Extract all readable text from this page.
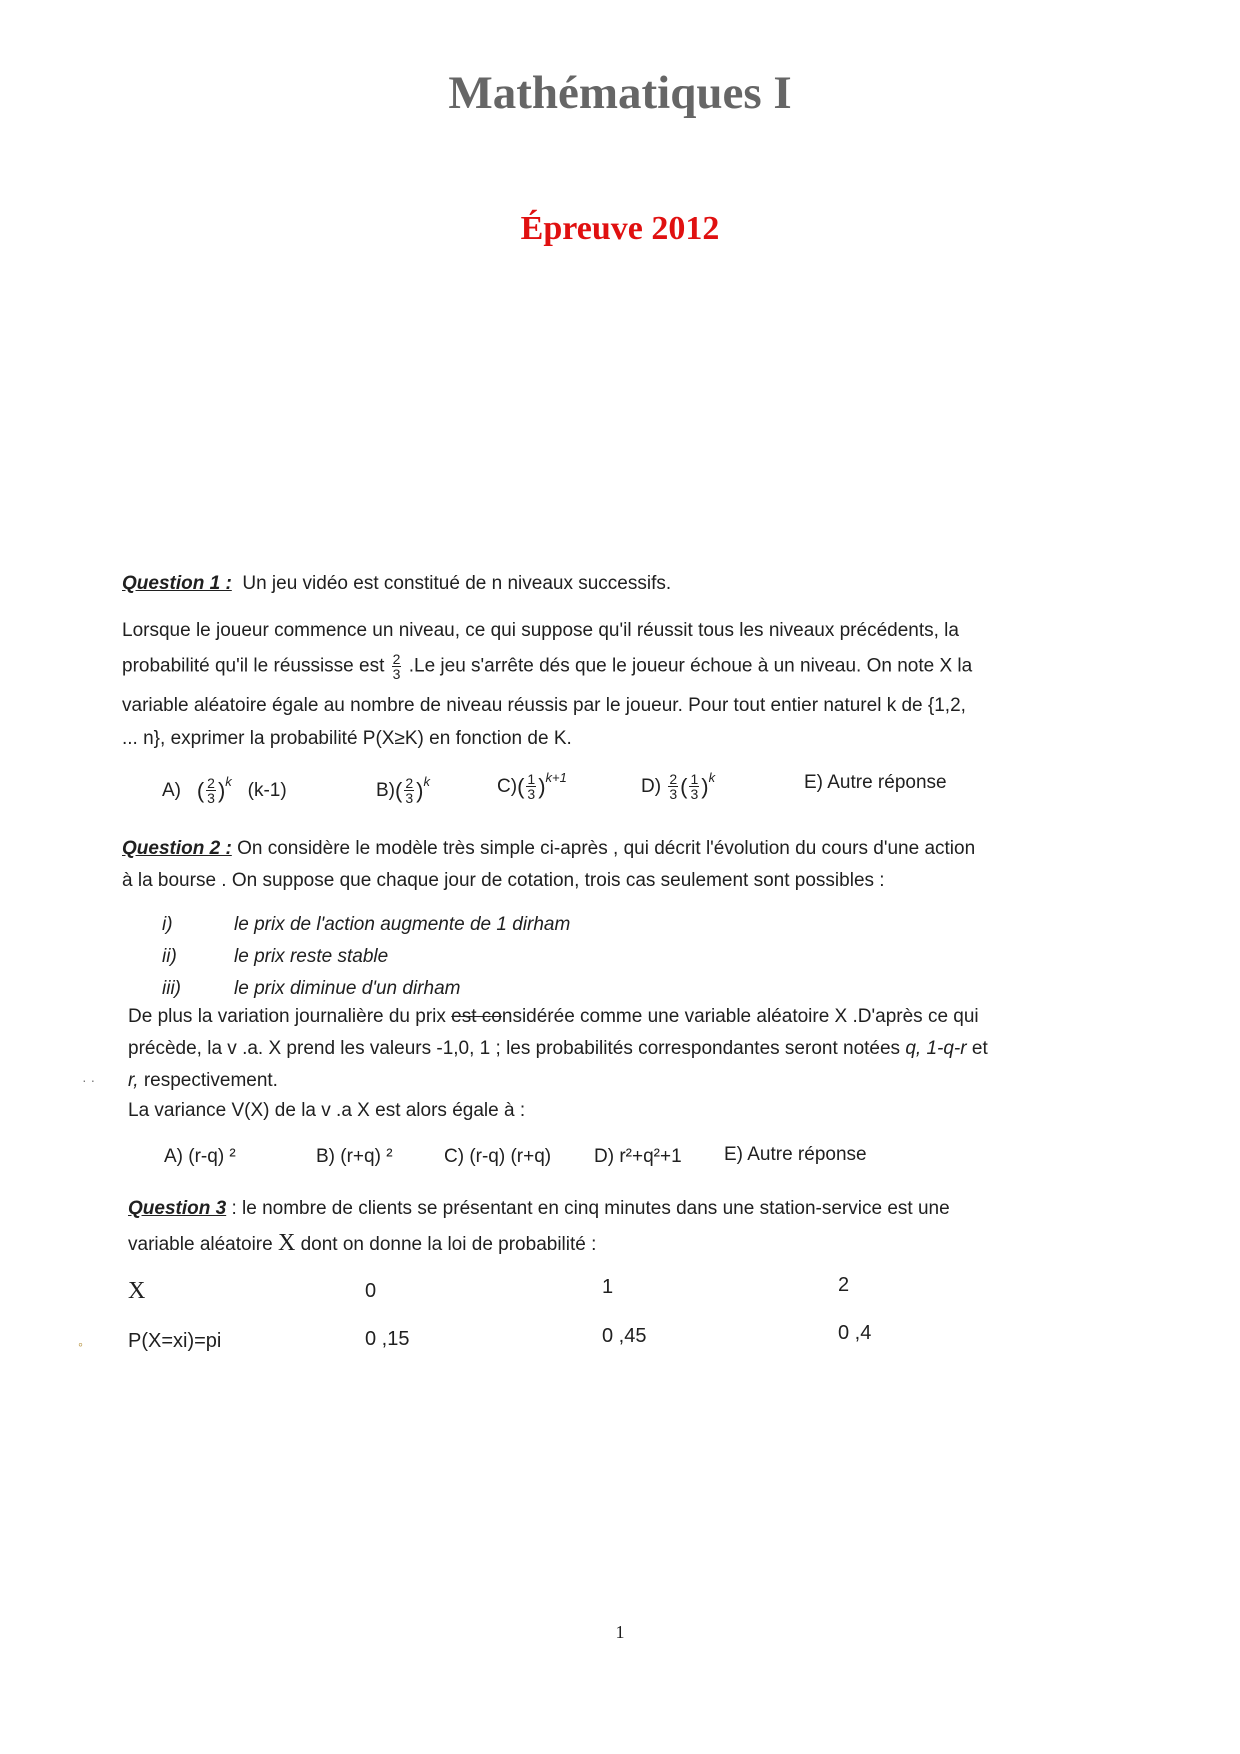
Mathématiques I
Épreuve 2012
Question 1 : Un jeu vidéo est constitué de n niveaux successifs.
Lorsque le joueur commence un niveau, ce qui suppose qu'il réussit tous les niveaux précédents, la
probabilité qu'il le réussisse est $\frac{2}{3} .Le$ jeu s'arrête dés que le joueur échoue à un niveau. On note X la
variable aléatoire égale au nombre de niveau réussis par le joueur. Pour tout entier naturel k de {1,2,
... n}, exprimer la probabilité P(X≥K) en fonction de K.
A) ( $\frac{2}{3} )^k$ (k-1)	$B)( \frac{2}{3} )^k$	$C)( \frac{1}{3} )^{k+1}$	$D) \frac{2}{3}$ ( $\frac{1}{3} )^k$	E) Autre réponse
Question 2 : On considère le modèle très simple ci-après , qui décrit l'évolution du cours d'une action
à la bourse . On suppose que chaque jour de cotation, trois cas seulement sont possibles :
i)	le prix de l'action augmente de 1 dirham
ii)	le prix reste stable
iii)	le prix diminue d'un dirham
De plus la variation journalière du prix est considérée comme une variable aléatoire X .D'après ce qui
précède, la v .a. X prend les valeurs -1,0, 1 ; les probabilités correspondantes seront notées q, 1-q-r et
r, respectivement.
La variance V(X) de la v .a X est alors égale à :
A) (r-q) ²	B) (r+q) ²	C) (r-q) (r+q) D) r²+q²+1 E) Autre réponse
Question 3 : le nombre de clients se présentant en cinq minutes dans une station-service est une
variable aléatoire X dont on donne la loi de probabilité :
X	0	1	2
P(X=xi)=pi	0 ,15	0 ,45	0 ,4
· ·
◦
1
